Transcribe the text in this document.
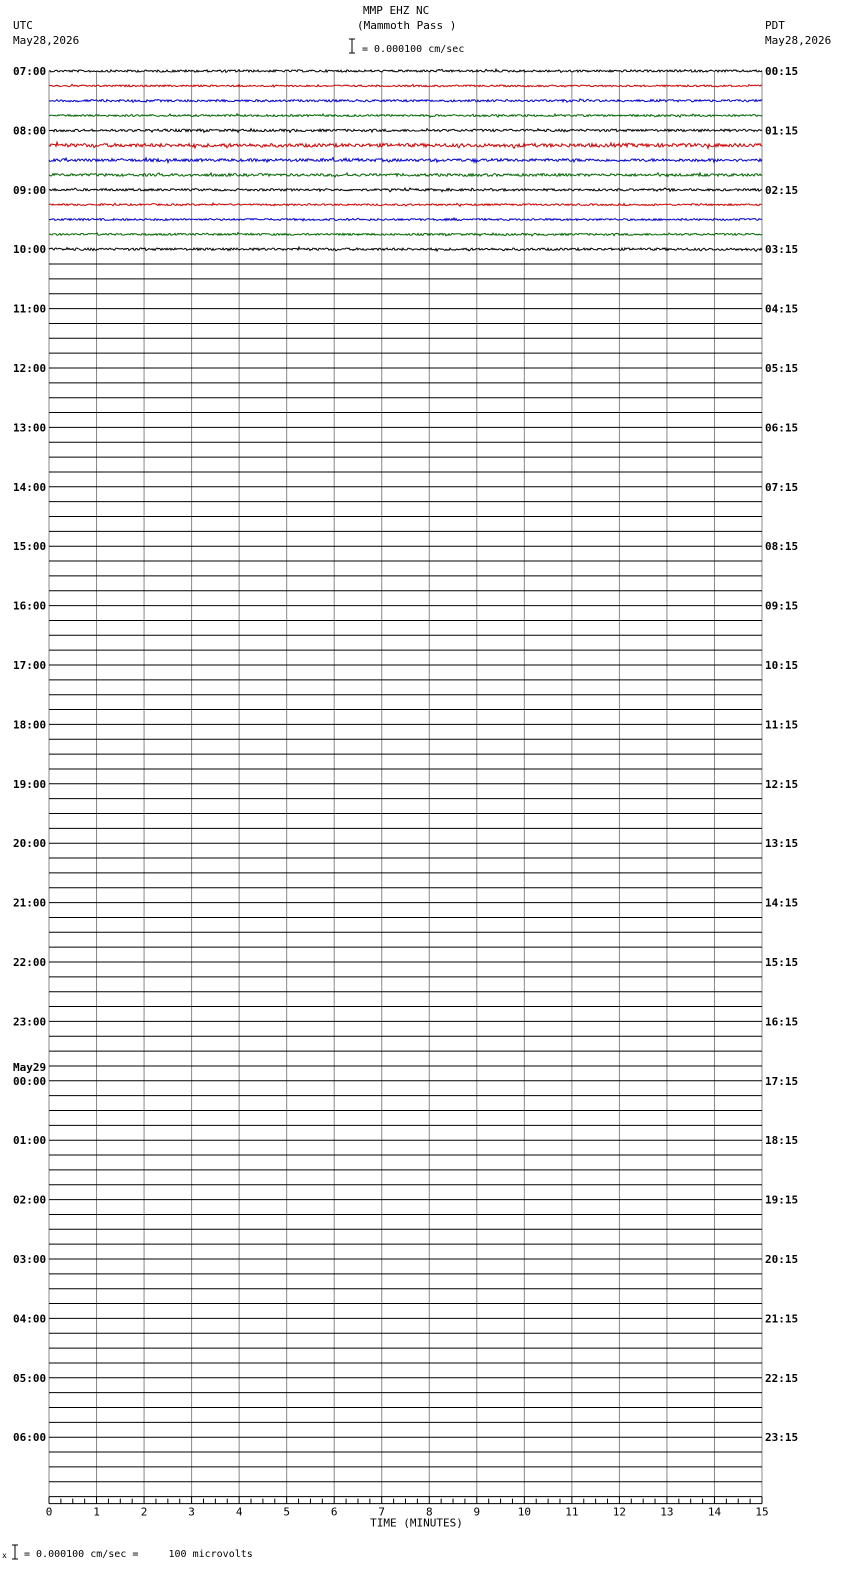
MMP EHZ NC
(Mammoth Pass )
= 0.000100 cm/sec
UTC
May28,2026
PDT
May28,2026
x = 0.000100 cm/sec =     100 microvolts
0	1	2	3	4	5	6	7	8	9	10	11	12	13	14	15
TIME (MINUTES)
07:00
08:00
09:00
10:00
11:00
12:00
13:00
14:00
15:00
16:00
17:00
18:00
19:00
20:00
21:00
22:00
23:00
00:00
01:00
02:00
03:00
04:00
05:00
06:00
00:15
01:15
02:15
03:15
04:15
05:15
06:15
07:15
08:15
09:15
10:15
11:15
12:15
13:15
14:15
15:15
16:15
17:15
18:15
19:15
20:15
21:15
22:15
23:15
May29
